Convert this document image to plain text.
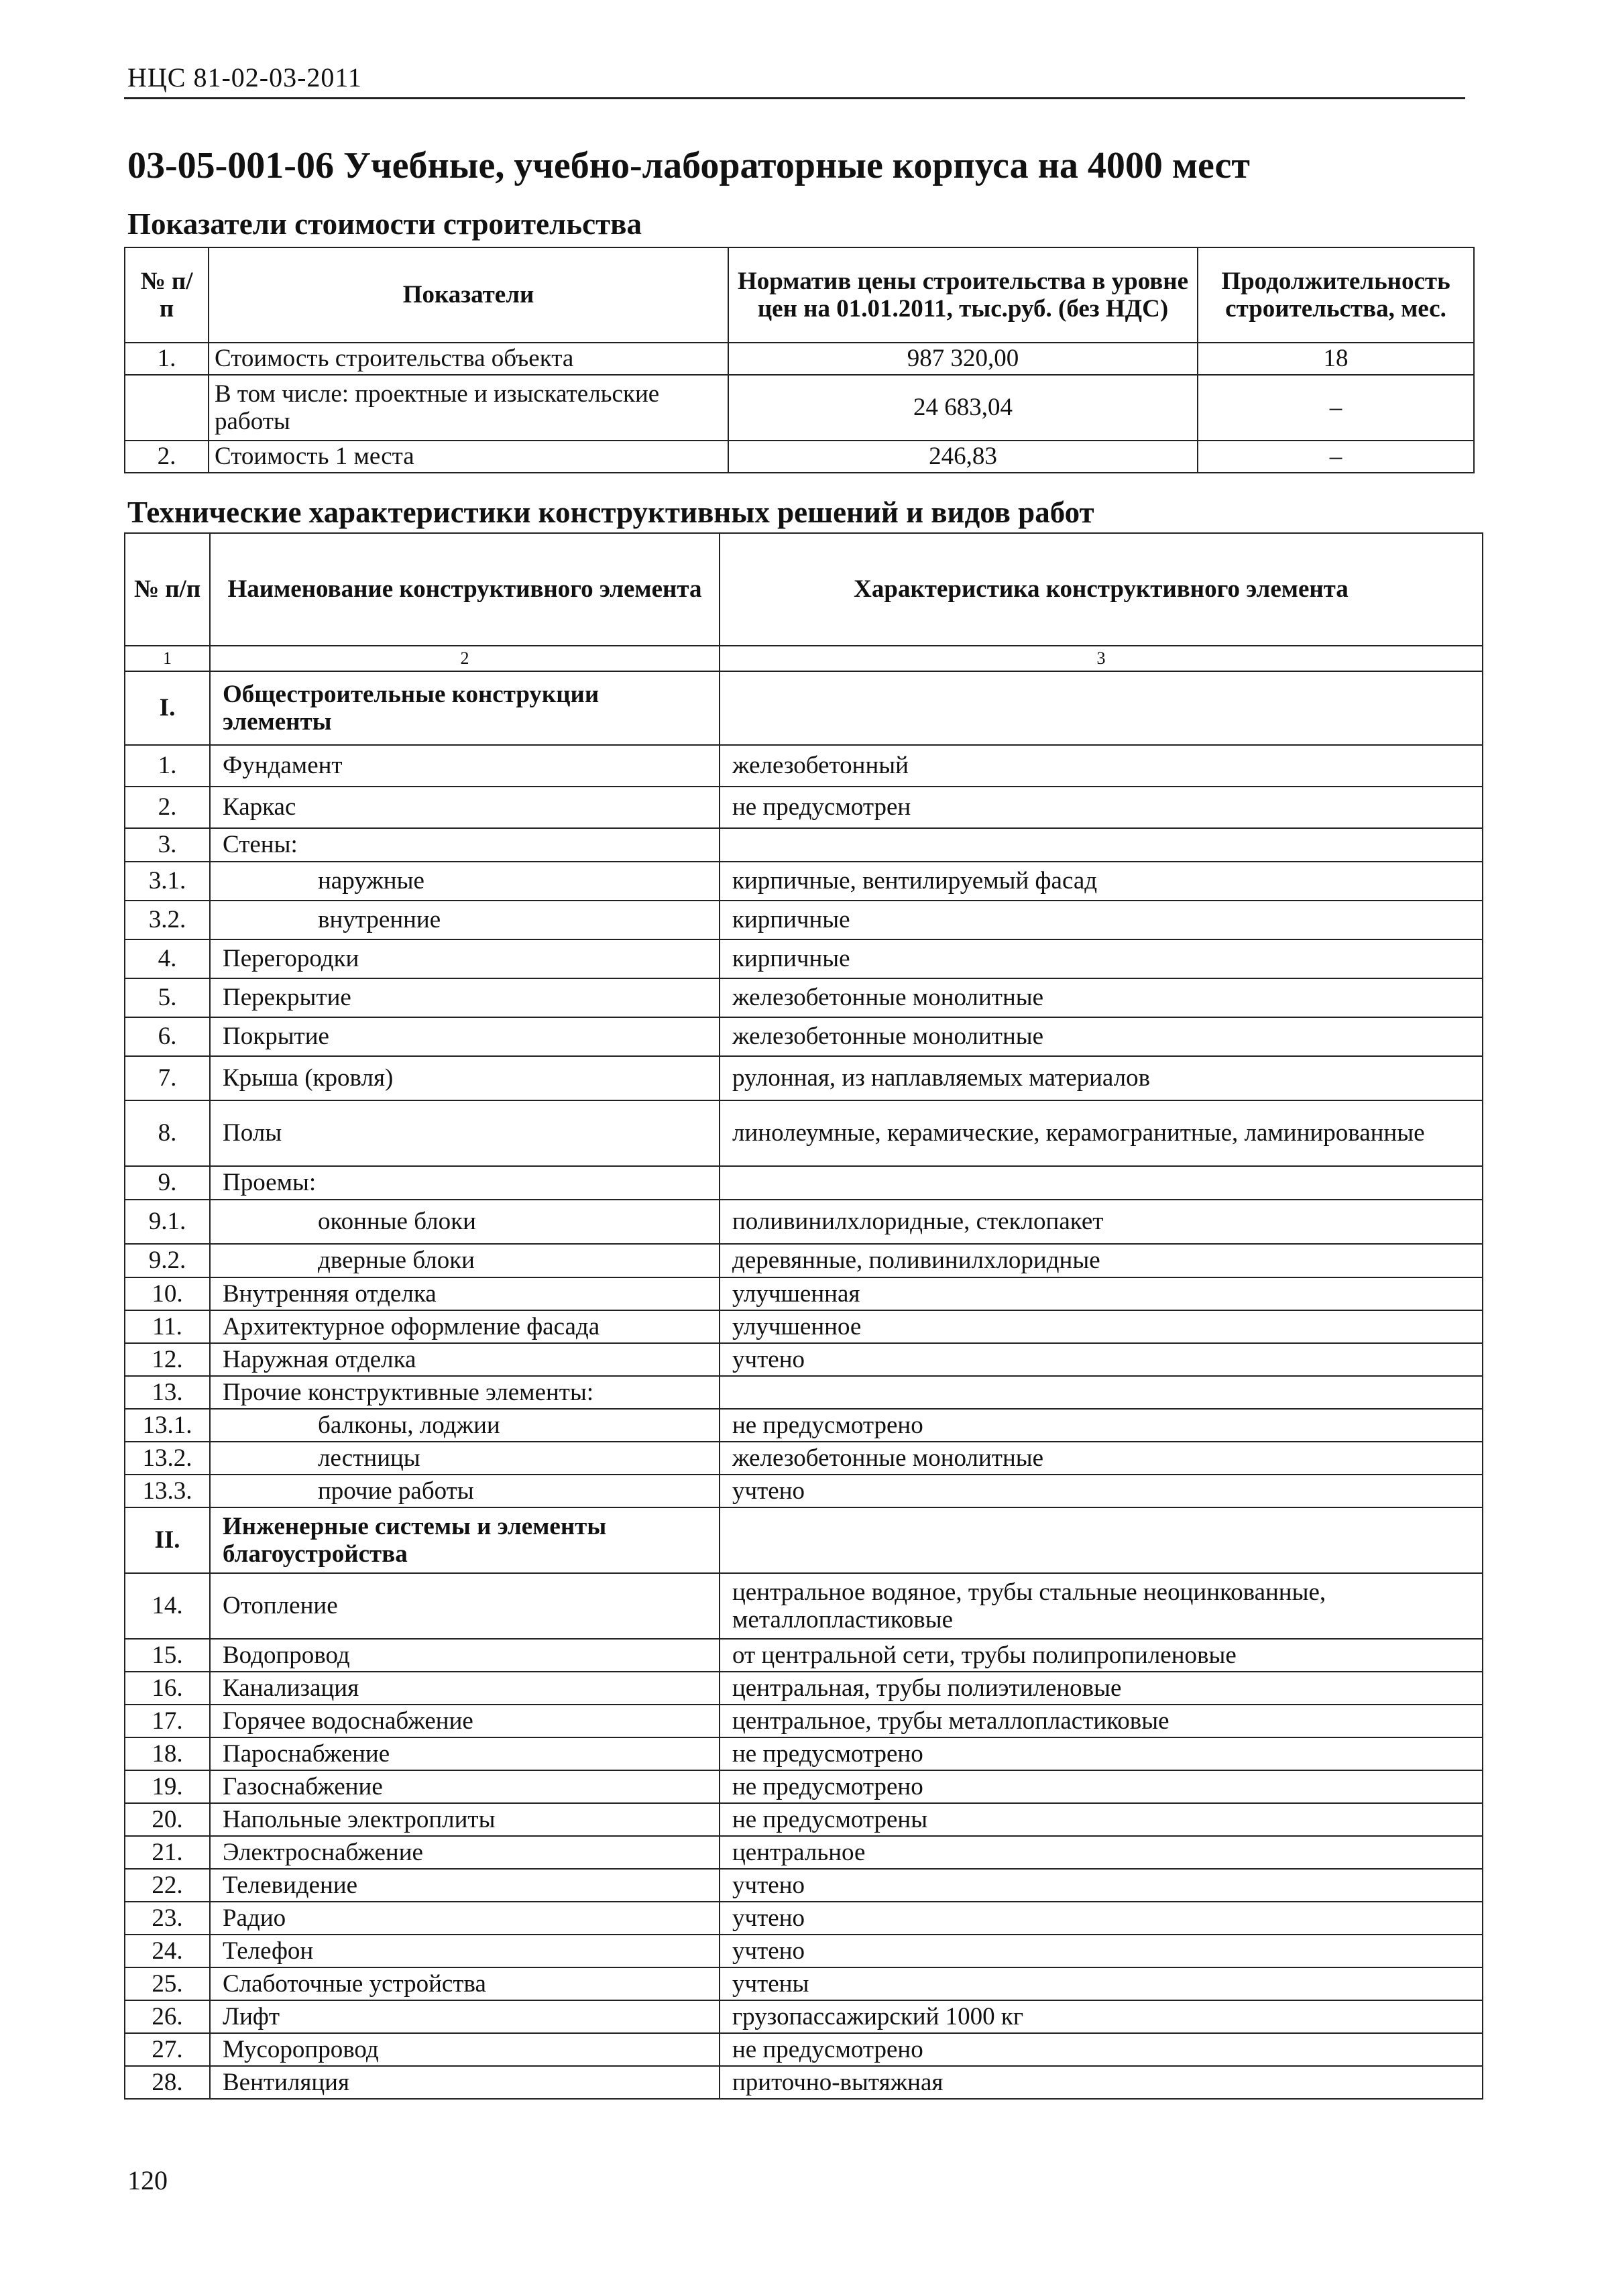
НЦС 81-02-03-2011
03-05-001-06 Учебные, учебно-лабораторные корпуса на 4000 мест
Показатели стоимости строительства
№ п/п	Показатели	Норматив цены строительства в уровне цен на 01.01.2011, тыс.руб. (без НДС)	Продолжительность строительства, мес.
1.	Стоимость строительства объекта	987 320,00	18
	В том числе: проектные и изыскательские работы	24 683,04	–
2.	Стоимость 1 места	246,83	–
Технические характеристики конструктивных решений и видов работ
№ п/п	Наименование конструктивного элемента	Характеристика конструктивного элемента
1	2	3
I.	Общестроительные конструкции элементы	
1.	Фундамент	железобетонный
2.	Каркас	не предусмотрен
3.	Стены:	
3.1.	наружные	кирпичные, вентилируемый фасад
3.2.	внутренние	кирпичные
4.	Перегородки	кирпичные
5.	Перекрытие	железобетонные монолитные
6.	Покрытие	железобетонные монолитные
7.	Крыша (кровля)	рулонная, из наплавляемых материалов
8.	Полы	линолеумные, керамические, керамогранитные, ламинированные
9.	Проемы:	
9.1.	оконные блоки	поливинилхлоридные, стеклопакет
9.2.	дверные блоки	деревянные, поливинилхлоридные
10.	Внутренняя отделка	улучшенная
11.	Архитектурное оформление фасада	улучшенное
12.	Наружная отделка	учтено
13.	Прочие конструктивные элементы:	
13.1.	балконы, лоджии	не предусмотрено
13.2.	лестницы	железобетонные монолитные
13.3.	прочие работы	учтено
II.	Инженерные системы и элементы благоустройства	
14.	Отопление	центральное водяное, трубы стальные неоцинкованные, металлопластиковые
15.	Водопровод	от центральной сети, трубы полипропиленовые
16.	Канализация	центральная, трубы полиэтиленовые
17.	Горячее водоснабжение	центральное, трубы металлопластиковые
18.	Пароснабжение	не предусмотрено
19.	Газоснабжение	не предусмотрено
20.	Напольные электроплиты	не предусмотрены
21.	Электроснабжение	центральное
22.	Телевидение	учтено
23.	Радио	учтено
24.	Телефон	учтено
25.	Слаботочные устройства	учтены
26.	Лифт	грузопассажирский 1000 кг
27.	Мусоропровод	не предусмотрено
28.	Вентиляция	приточно-вытяжная
120
